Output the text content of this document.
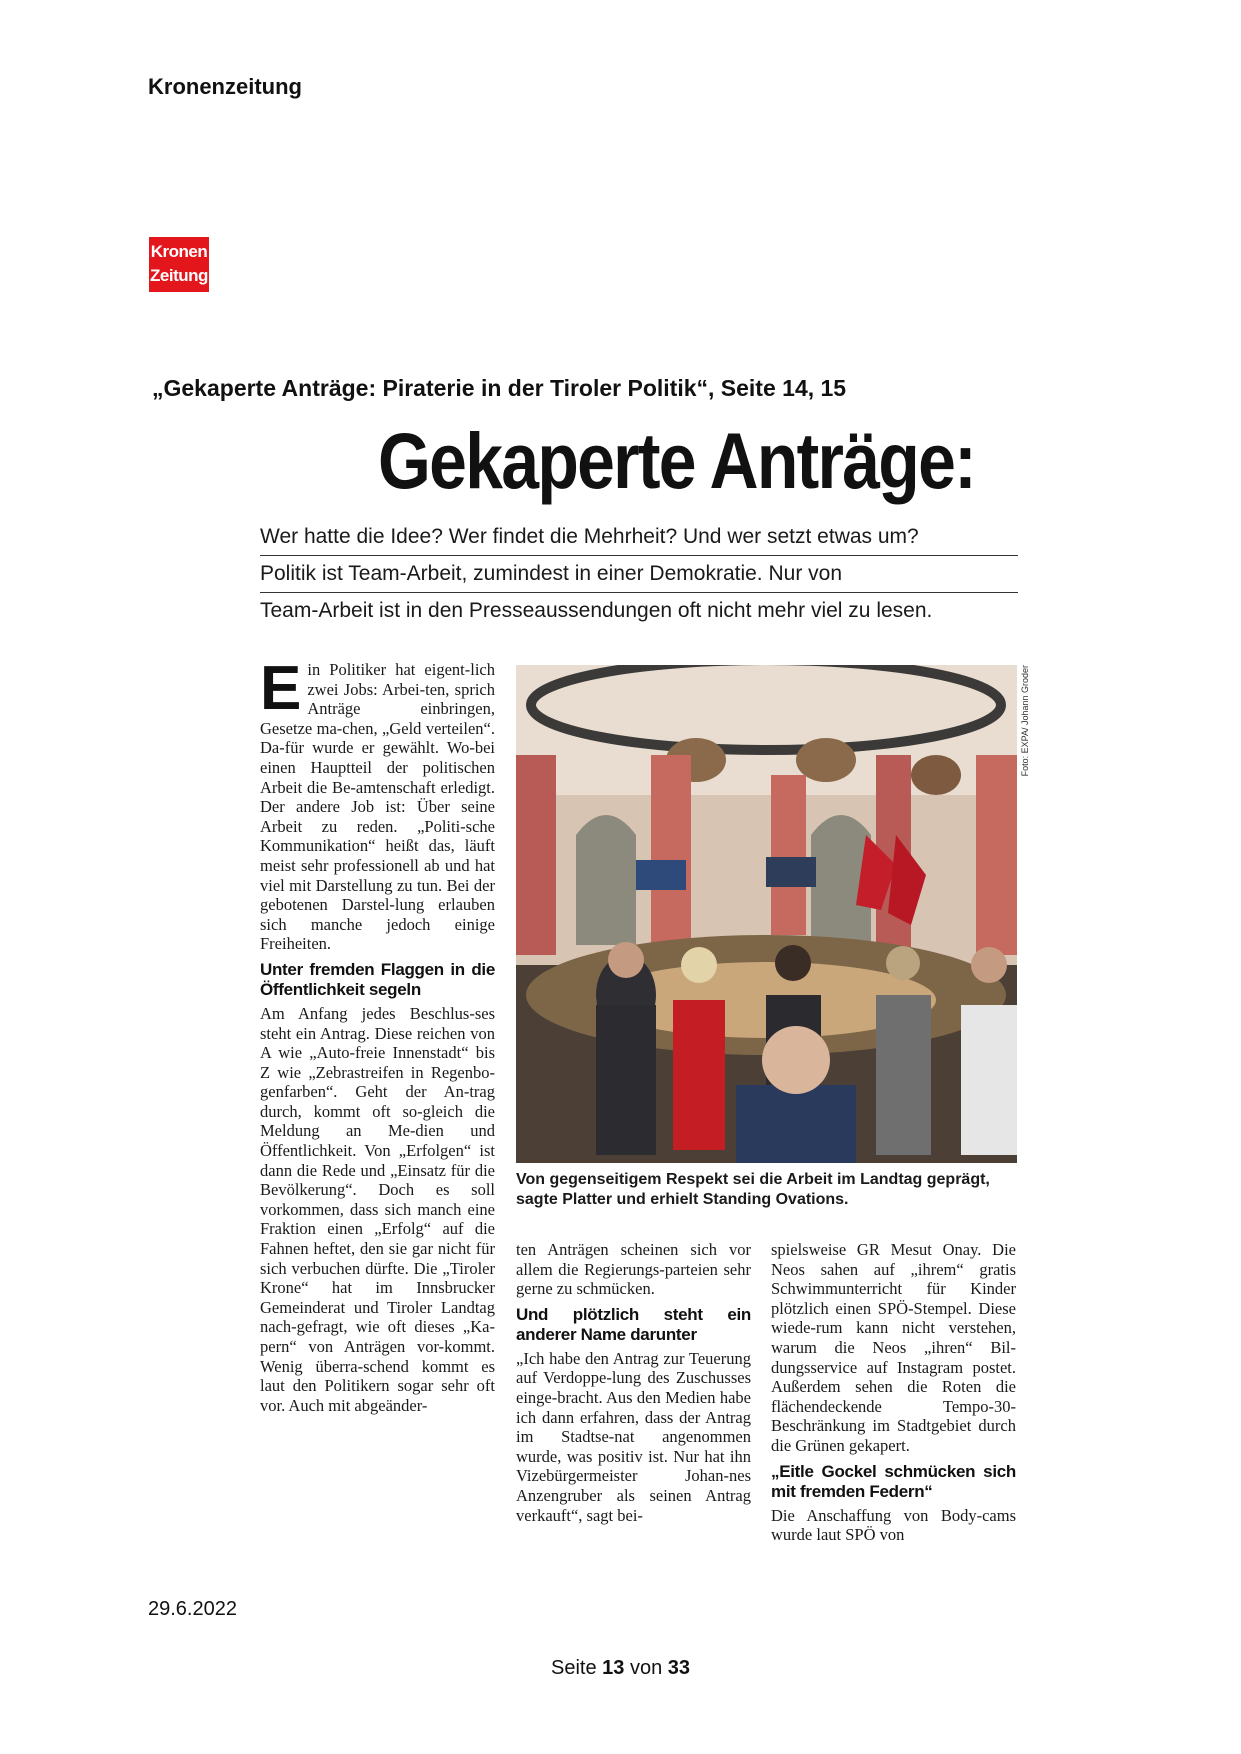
Kronenzeitung
Kronen
Zeitung
„Gekaperte Anträge: Piraterie in der Tiroler Politik“, Seite 14, 15
Gekaperte Anträge:
Wer hatte die Idee? Wer findet die Mehrheit? Und wer setzt etwas um?
Politik ist Team-Arbeit, zumindest in einer Demokratie. Nur von
Team-Arbeit ist in den Presseaussendungen oft nicht mehr viel zu lesen.
E in Politiker hat eigent-lich zwei Jobs: Arbei-ten, sprich Anträge einbringen, Gesetze ma-chen, „Geld verteilen“. Da-für wurde er gewählt. Wo-bei einen Hauptteil der politischen Arbeit die Be-amtenschaft erledigt. Der andere Job ist: Über seine Arbeit zu reden. „Politi-sche Kommunikation“ heißt das, läuft meist sehr professionell ab und hat viel mit Darstellung zu tun. Bei der gebotenen Darstel-lung erlauben sich manche jedoch einige Freiheiten.

Unter fremden Flaggen in die Öffentlichkeit segeln

Am Anfang jedes Beschlus-ses steht ein Antrag. Diese reichen von A wie „Auto-freie Innenstadt“ bis Z wie „Zebrastreifen in Regenbo-genfarben“. Geht der An-trag durch, kommt oft so-gleich die Meldung an Me-dien und Öffentlichkeit. Von „Erfolgen“ ist dann die Rede und „Einsatz für die Bevölkerung“. Doch es soll vorkommen, dass sich manch eine Fraktion einen „Erfolg“ auf die Fahnen heftet, den sie gar nicht für sich verbuchen dürfte. Die „Tiroler Krone“ hat im Innsbrucker Gemeinderat und Tiroler Landtag nach-gefragt, wie oft dieses „Ka-pern“ von Anträgen vor-kommt. Wenig überra-schend kommt es laut den Politikern sogar sehr oft vor. Auch mit abgeänder-

Foto: EXPA/ Johann Groder
Von gegenseitigem Respekt sei die Arbeit im Landtag geprägt, sagte Platter und erhielt Standing Ovations.

ten Anträgen scheinen sich vor allem die Regierungs-parteien sehr gerne zu schmücken.

Und plötzlich steht ein anderer Name darunter

„Ich habe den Antrag zur Teuerung auf Verdoppe-lung des Zuschusses einge-bracht. Aus den Medien habe ich dann erfahren, dass der Antrag im Stadtse-nat angenommen wurde, was positiv ist. Nur hat ihn Vizebürgermeister Johan-nes Anzengruber als seinen Antrag verkauft“, sagt bei-

spielsweise GR Mesut Onay. Die Neos sahen auf „ihrem“ gratis Schwimmunterricht für Kinder plötzlich einen SPÖ-Stempel. Diese wiede-rum kann nicht verstehen, warum die Neos „ihren“ Bil-dungsservice auf Instagram postet. Außerdem sehen die Roten die flächendeckende Tempo-30-Beschränkung im Stadtgebiet durch die Grünen gekapert.

„Eitle Gockel schmücken sich mit fremden Federn“

Die Anschaffung von Body-cams wurde laut SPÖ von

29.6.2022
Seite 13 von 33
